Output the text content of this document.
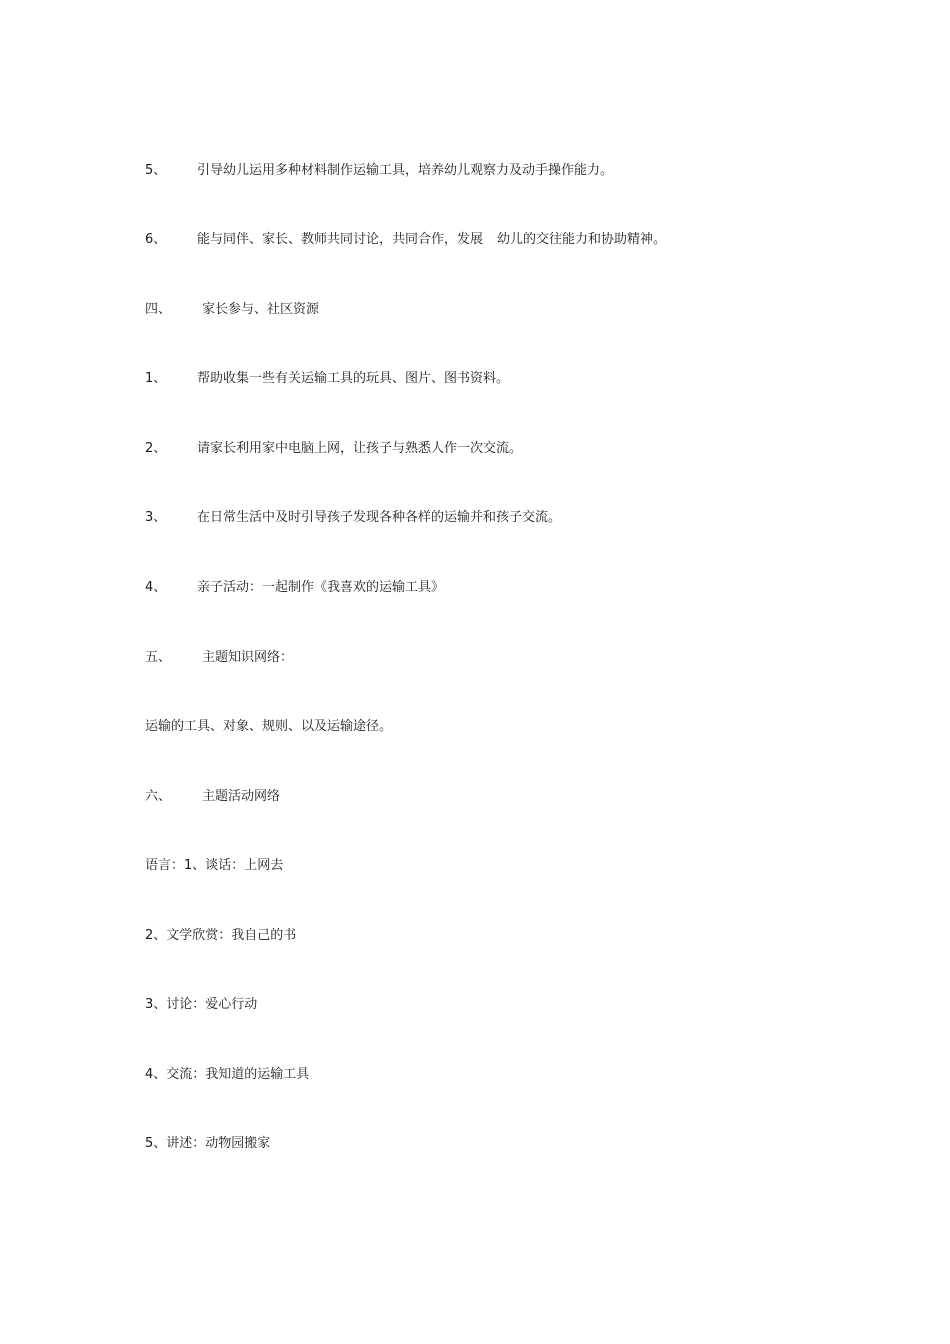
5、 引导幼儿运用多种材料制作运输工具，培养幼儿观察力及动手操作能力。
6、 能与同伴、家长、教师共同讨论，共同合作，发展 幼儿的交往能力和协助精神。
四、 家长参与、社区资源
1、 帮助收集一些有关运输工具的玩具、图片、图书资料。
2、 请家长利用家中电脑上网，让孩子与熟悉人作一次交流。
3、 在日常生活中及时引导孩子发现各种各样的运输并和孩子交流。
4、 亲子活动：一起制作《我喜欢的运输工具》
五、 主题知识网络：
运输的工具、对象、规则、以及运输途径。
六、 主题活动网络
语言：1、谈话：上网去
2、文学欣赏：我自己的书
3、讨论：爱心行动
4、交流：我知道的运输工具
5、讲述：动物园搬家
